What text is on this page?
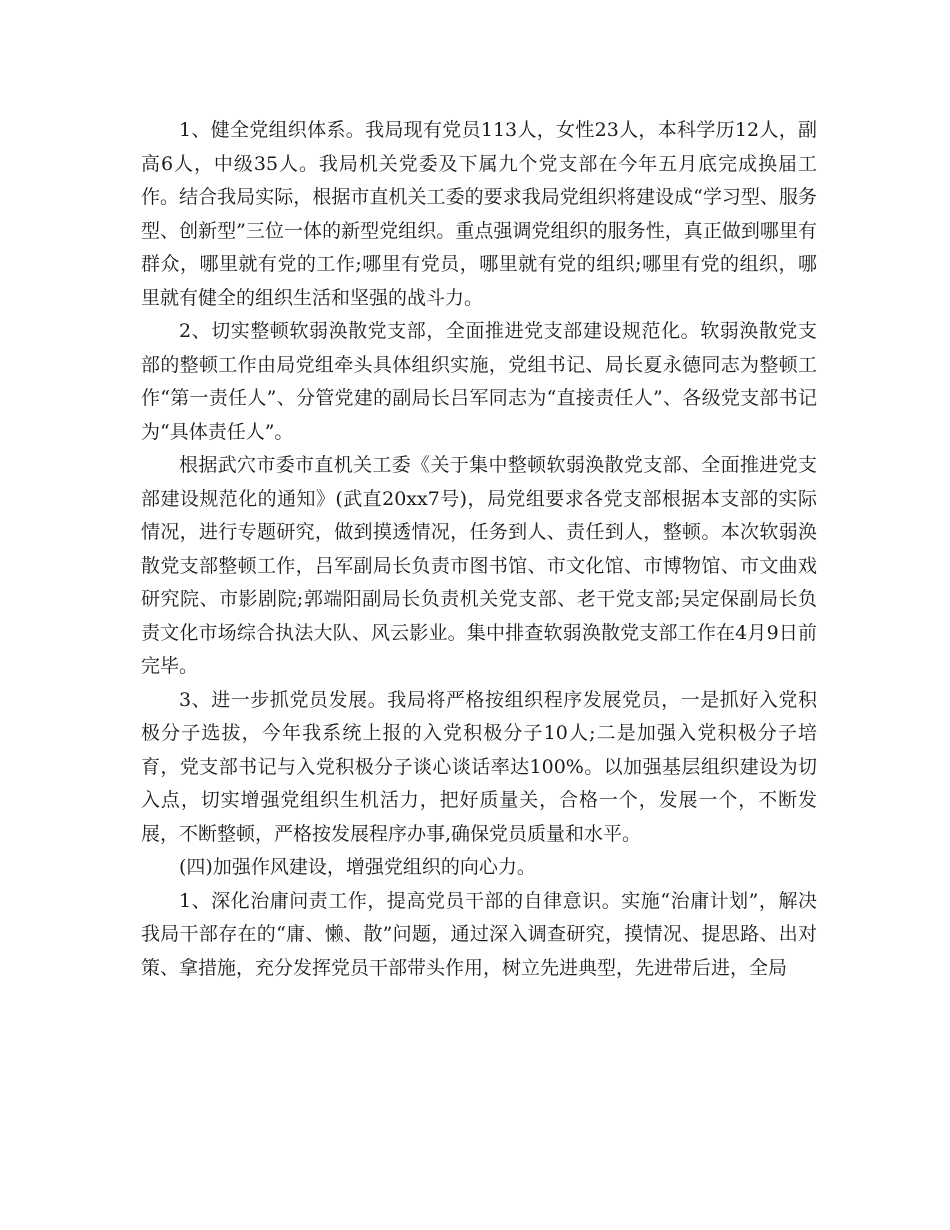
1、健全党组织体系。我局现有党员113人，女性23人，本科学历12人，副高6人，中级35人。我局机关党委及下属九个党支部在今年五月底完成换届工作。结合我局实际，根据市直机关工委的要求我局党组织将建设成“学习型、服务型、创新型”三位一体的新型党组织。重点强调党组织的服务性，真正做到哪里有群众，哪里就有党的工作;哪里有党员，哪里就有党的组织;哪里有党的组织，哪里就有健全的组织生活和坚强的战斗力。

2、切实整顿软弱涣散党支部，全面推进党支部建设规范化。软弱涣散党支部的整顿工作由局党组牵头具体组织实施，党组书记、局长夏永德同志为整顿工作“第一责任人”、分管党建的副局长吕军同志为“直接责任人”、各级党支部书记为“具体责任人”。

根据武穴市委市直机关工委《关于集中整顿软弱涣散党支部、全面推进党支部建设规范化的通知》(武直20xx7号)，局党组要求各党支部根据本支部的实际情况，进行专题研究，做到摸透情况，任务到人、责任到人，整顿。本次软弱涣散党支部整顿工作，吕军副局长负责市图书馆、市文化馆、市博物馆、市文曲戏研究院、市影剧院;郭端阳副局长负责机关党支部、老干党支部;吴定保副局长负责文化市场综合执法大队、风云影业。集中排查软弱涣散党支部工作在4月9日前完毕。

3、进一步抓党员发展。我局将严格按组织程序发展党员，一是抓好入党积极分子选拔，今年我系统上报的入党积极分子10人;二是加强入党积极分子培育，党支部书记与入党积极分子谈心谈话率达100%。以加强基层组织建设为切入点，切实增强党组织生机活力，把好质量关，合格一个，发展一个，不断发展，不断整顿，严格按发展程序办事,确保党员质量和水平。

(四)加强作风建设，增强党组织的向心力。

1、深化治庸问责工作，提高党员干部的自律意识。实施“治庸计划”，解决我局干部存在的“庸、懒、散”问题，通过深入调查研究，摸情况、提思路、出对策、拿措施，充分发挥党员干部带头作用，树立先进典型，先进带后进，全局
